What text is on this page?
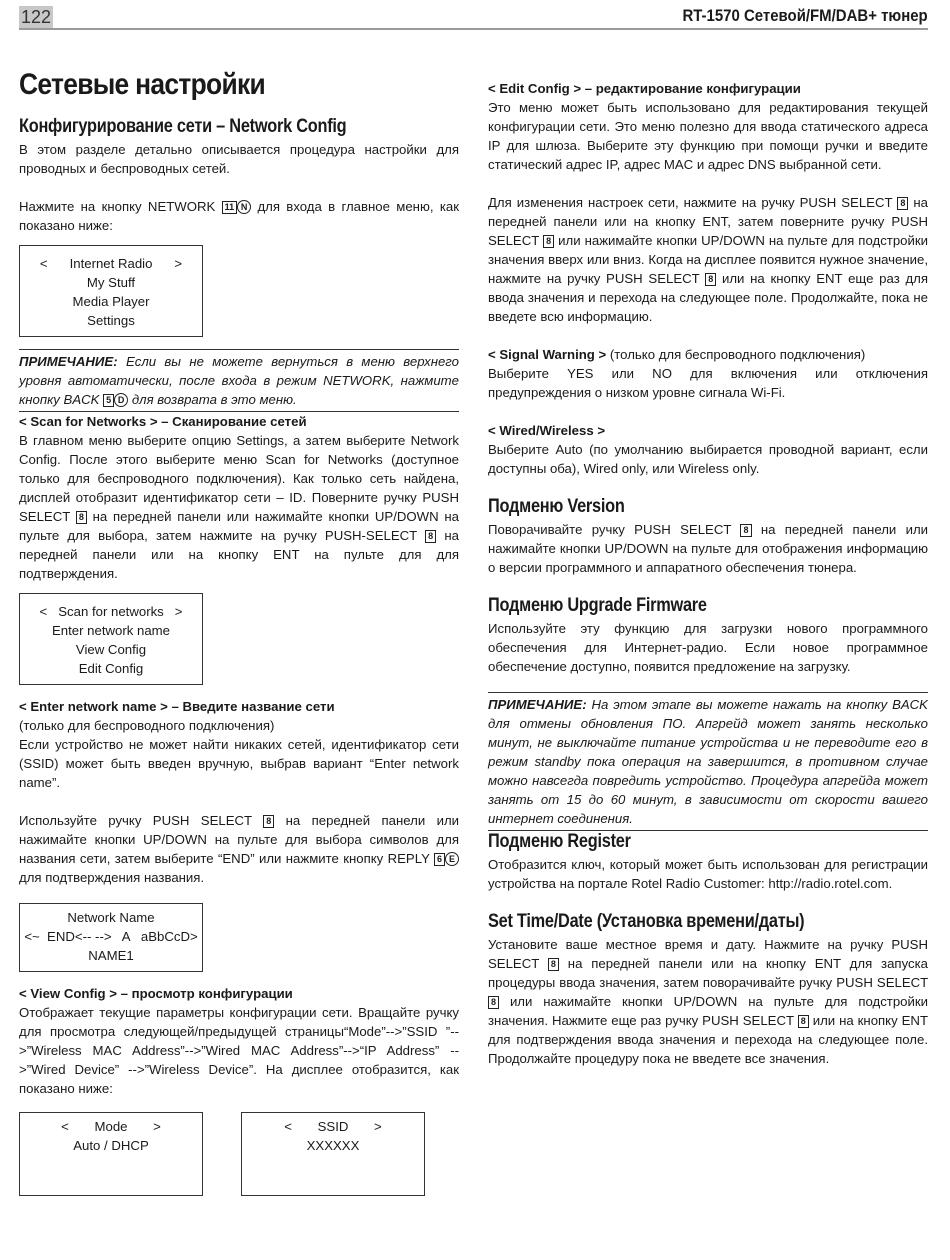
122	RT-1570 Сетевой/FM/DAB+ тюнер
Сетевые настройки
Конфигурирование сети – Network Config

В этом разделе детально описывается процедура настройки для проводных и беспроводных сетей.

Нажмите на кнопку NETWORK 11 N для входа в главное меню, как показано ниже:

<      Internet Radio      >
My Stuff
Media Player
Settings

ПРИМЕЧАНИЕ: Если вы не можете вернуться в меню верхнего уровня автоматически, после входа в режим NETWORK, нажмите кнопку BACK 5 D для возврата в это меню.

< Scan for Networks > – Сканирование сетей

В главном меню выберите опцию Settings, а затем выберите Network Config. После этого выберите меню Scan for Networks (доступное только для беспроводного подключения). Как только сеть найдена, дисплей отобразит идентификатор сети – ID. Поверните ручку PUSH SELECT 8 на передней панели или нажимайте кнопки UP/DOWN на пульте для выбора, затем нажмите на ручку PUSH-SELECT 8 на передней панели или на кнопку ENT на пульте для для подтверждения.

<   Scan for networks   >
Enter network name
View Config
Edit Config
< Enter network name > – Введите название сети

(только для беспроводного подключения)

Если устройство не может найти никаких сетей, идентификатор сети (SSID) может быть введен вручную, выбрав вариант “Enter network name”.

Используйте ручку PUSH SELECT 8 на передней панели или нажимайте кнопки UP/DOWN на пульте для выбора символов для названия сети, затем выберите “END” или нажмите кнопку REPLY 6 E для подтверждения названия.

Network Name
<~  END<-- -->   A   aBbCcD>
NAME1
< View Config > – просмотр конфигурации

Отображает текущие параметры конфигурации сети. Вращайте ручку для просмотра следующей/предыдущей страницы“Mode”-->”SSID ”-->”Wireless MAC Address”-->”Wired MAC Address”-->“IP Address” -->”Wired Device” -->”Wireless Device”. На дисплее отобразится, как показано ниже:

<       Mode       >
Auto / DHCP
<       SSID       >
XXXXXX
< Edit Config > – редактирование конфигурации

Это меню может быть использовано для редактирования текущей конфигурации сети. Это меню полезно для ввода статического адреса IP для шлюза. Выберите эту функцию при помощи ручки и введите статический адрес IP, адрес MAC и адрес DNS выбранной сети.

Для изменения настроек сети, нажмите на ручку PUSH SELECT 8 на передней панели или на кнопку ENT, затем поверните ручку PUSH SELECT 8 или нажимайте кнопки UP/DOWN на пульте для подстройки значения вверх или вниз. Когда на дисплее появится нужное значение, нажмите на ручку PUSH SELECT 8 или на кнопку ENT еще раз для ввода значения и перехода на следующее поле. Продолжайте, пока не введете всю информацию.

< Signal Warning > (только для беспроводного подключения)

Выберите YES или NO для включения или отключения предупреждения о низком уровне сигнала Wi-Fi.

< Wired/Wireless >

Выберите Auto (по умолчанию выбирается проводной вариант, если доступны оба), Wired only, или Wireless only.

Подменю Version

Поворачивайте ручку PUSH SELECT 8 на передней панели или нажимайте кнопки UP/DOWN на пульте для отображения информацию о версии программного и аппаратного обеспечения тюнера.

Подменю Upgrade Firmware

Используйте эту функцию для загрузки нового программного обеспечения для Интернет-радио. Если новое программное обеспечение доступно, появится предложение на загрузку.

ПРИМЕЧАНИЕ: На этом этапе вы можете нажать на кнопку BACK для отмены обновления ПО. Апгрейд может занять несколько минут, не выключайте питание устройства и не переводите его в режим standby пока операция на завершится, в противном случае можно навсегда повредить устройство. Процедура апгрейда может занять от 15 до 60 минут, в зависимости от скорости вашего интернет соединения.

Подменю Register

Отобразится ключ, который может быть использован для регистрации устройства на портале Rotel Radio Customer: http://radio.rotel.com.

Set Time/Date (Установка времени/даты)

Установите ваше местное время и дату. Нажмите на ручку PUSH SELECT 8 на передней панели или на кнопку ENT для запуска процедуры ввода значения, затем поворачивайте ручку PUSH SELECT 8 или нажимайте кнопки UP/DOWN на пульте для подстройки значения. Нажмите еще раз ручку PUSH SELECT 8 или на кнопку ENT для подтверждения ввода значения и перехода на следующее поле. Продолжайте процедуру пока не введете все значения.
